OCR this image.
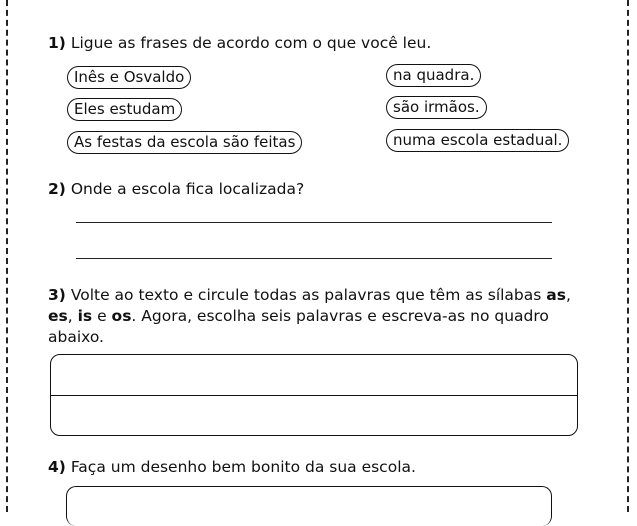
1) Ligue as frases de acordo com o que você leu.
Inês e Osvaldo
Eles estudam
As festas da escola são feitas
na quadra.
são irmãos.
numa escola estadual.
2) Onde a escola fica localizada?
3) Volte ao texto e circule todas as palavras que têm as sílabas as, es, is e os. Agora, escolha seis palavras e escreva-as no quadro abaixo.
4) Faça um desenho bem bonito da sua escola.
